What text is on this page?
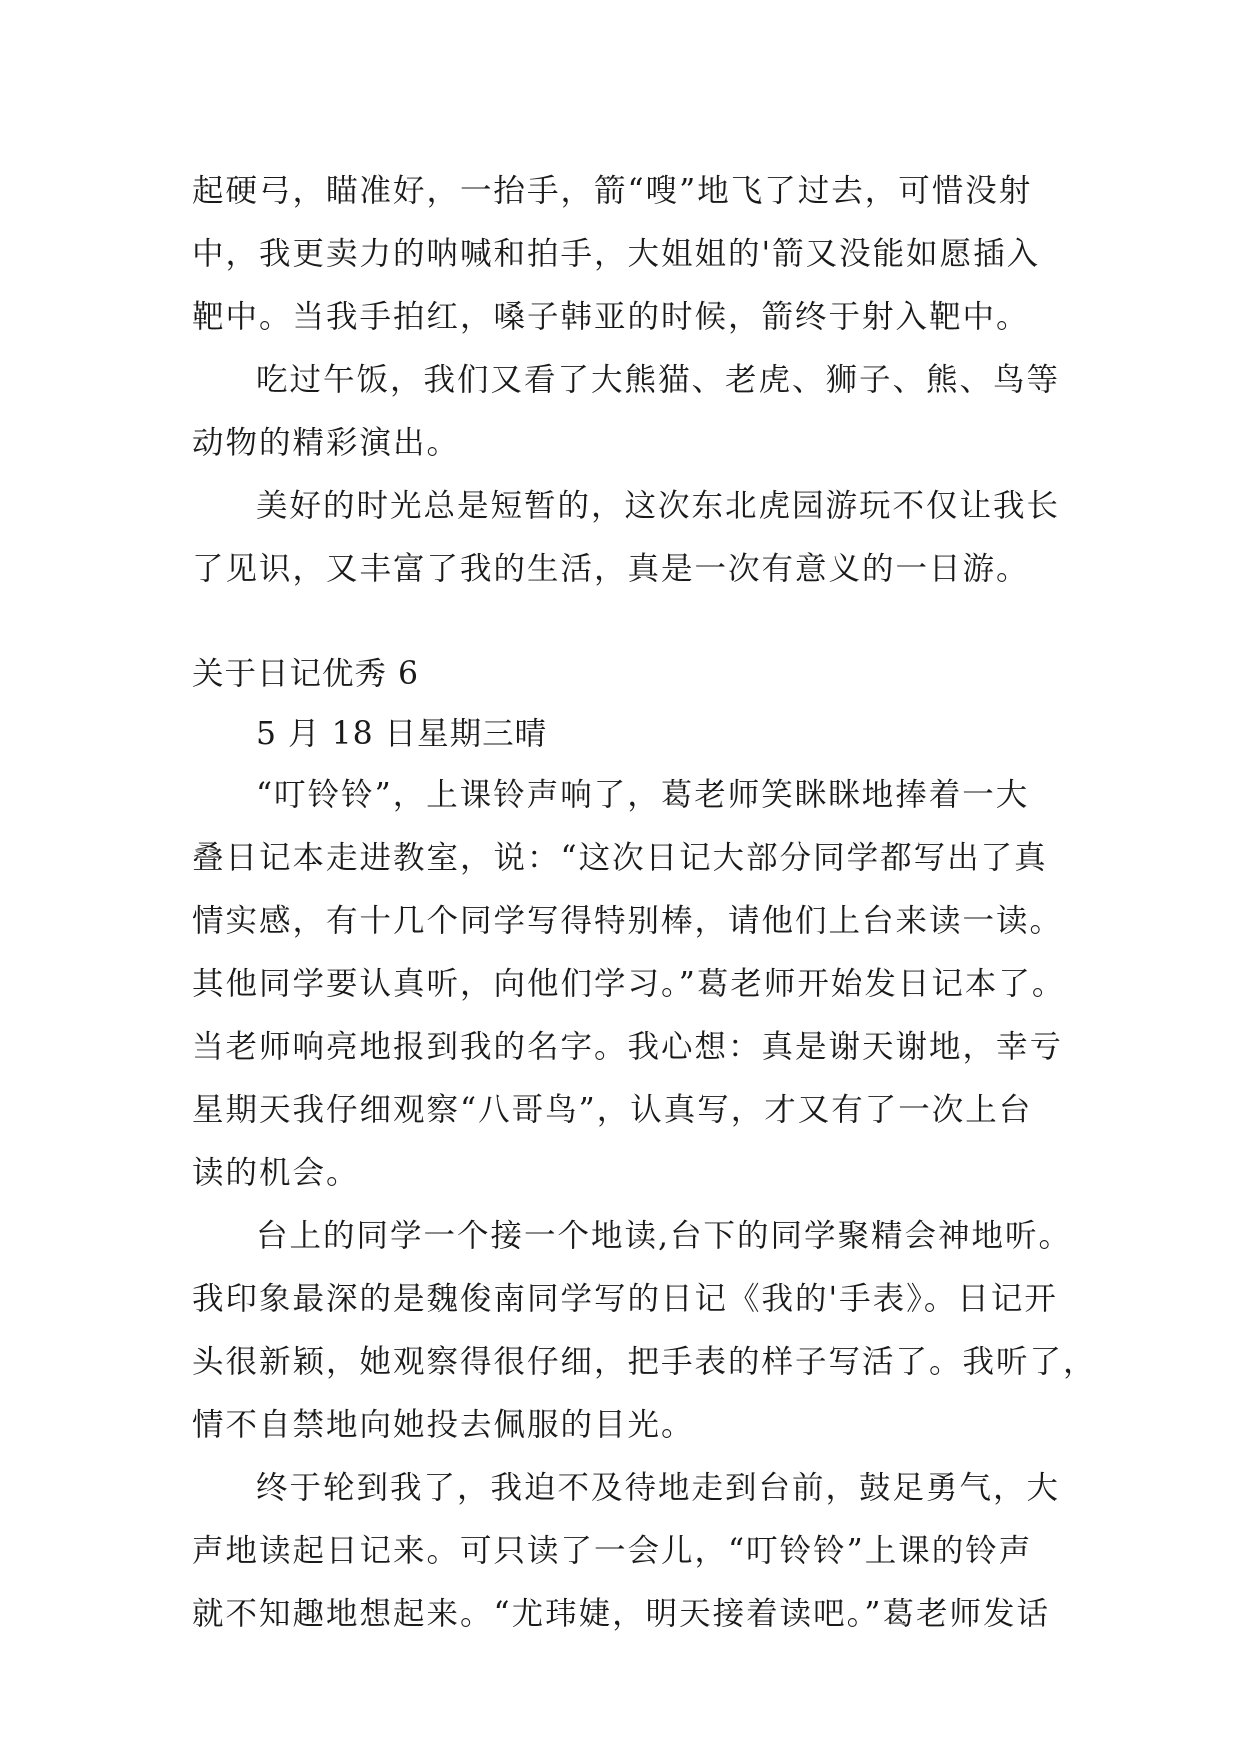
起硬弓，瞄准好，一抬手，箭“嗖”地飞了过去，可惜没射
中，我更卖力的呐喊和拍手，大姐姐的'箭又没能如愿插入
靶中。当我手拍红，嗓子韩亚的时候，箭终于射入靶中。
吃过午饭，我们又看了大熊猫、老虎、狮子、熊、鸟等
动物的精彩演出。
美好的时光总是短暂的，这次东北虎园游玩不仅让我长
了见识，又丰富了我的生活，真是一次有意义的一日游。
关于日记优秀 6
5 月 18 日星期三晴
“叮铃铃”，上课铃声响了，葛老师笑眯眯地捧着一大
叠日记本走进教室，说：“这次日记大部分同学都写出了真
情实感，有十几个同学写得特别棒，请他们上台来读一读。
其他同学要认真听，向他们学习。”葛老师开始发日记本了。
当老师响亮地报到我的名字。我心想：真是谢天谢地，幸亏
星期天我仔细观察“八哥鸟”，认真写，才又有了一次上台
读的机会。
台上的同学一个接一个地读,台下的同学聚精会神地听。
我印象最深的是魏俊南同学写的日记《我的'手表》。日记开
头很新颖，她观察得很仔细，把手表的样子写活了。我听了，
情不自禁地向她投去佩服的目光。
终于轮到我了，我迫不及待地走到台前，鼓足勇气，大
声地读起日记来。可只读了一会儿，“叮铃铃”上课的铃声
就不知趣地想起来。“尤玮婕，明天接着读吧。”葛老师发话
